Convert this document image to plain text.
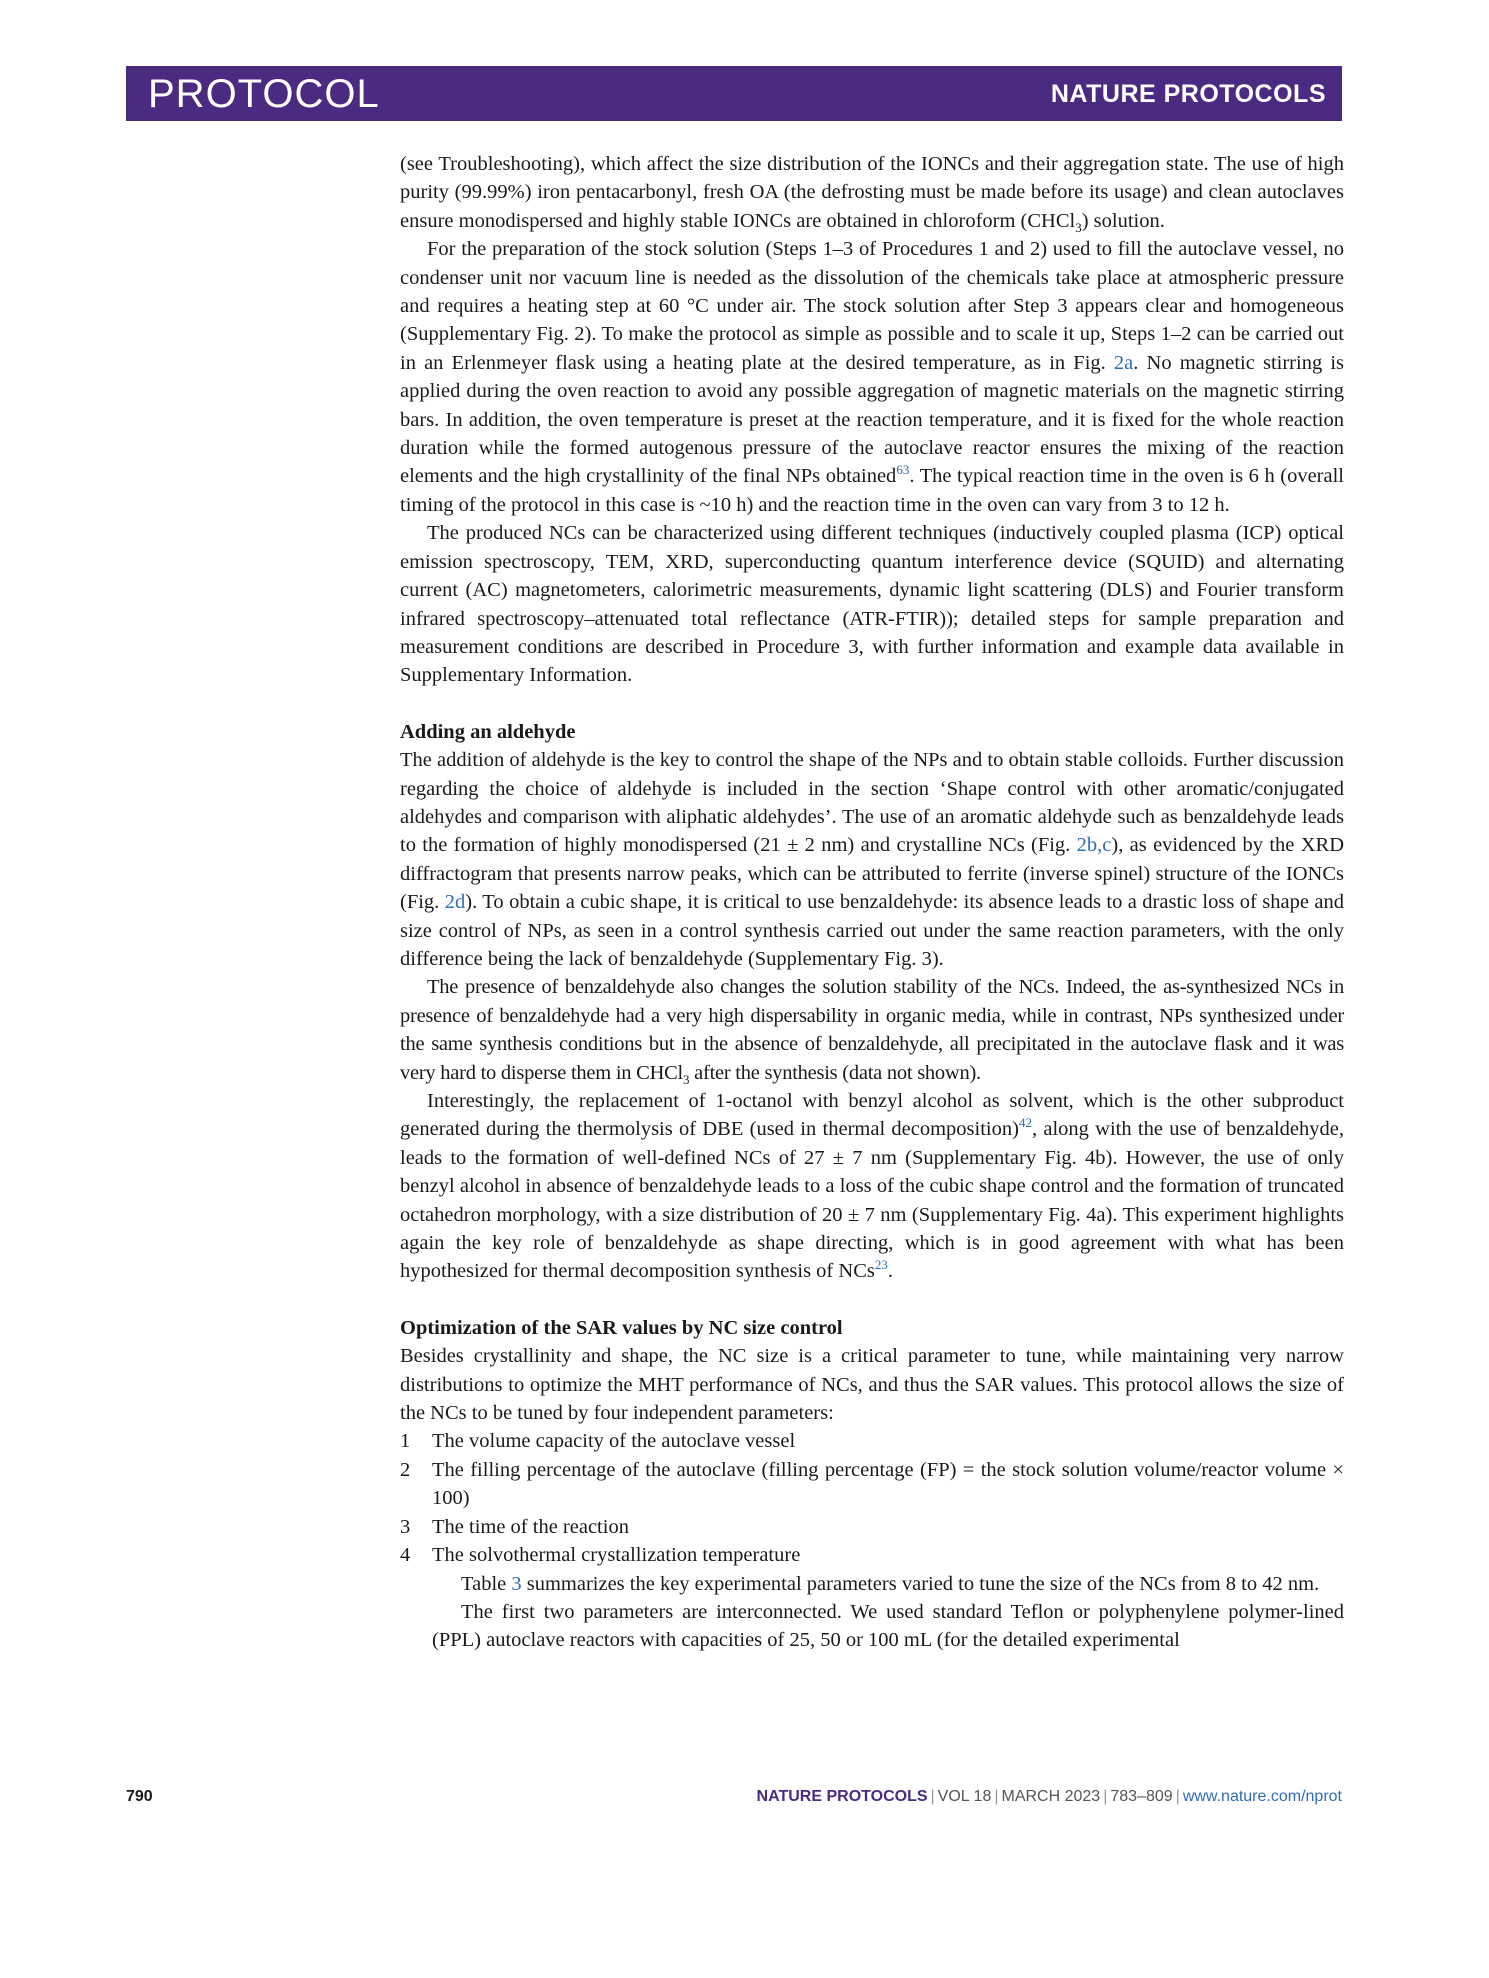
PROTOCOL	NATURE PROTOCOLS

(see Troubleshooting), which affect the size distribution of the IONCs and their aggregation state. The use of high purity (99.99%) iron pentacarbonyl, fresh OA (the defrosting must be made before its usage) and clean autoclaves ensure monodispersed and highly stable IONCs are obtained in chloroform (CHCl$_3$) solution.

For the preparation of the stock solution (Steps 1–3 of Procedures 1 and 2) used to fill the autoclave vessel, no condenser unit nor vacuum line is needed as the dissolution of the chemicals take place at atmospheric pressure and requires a heating step at 60 °C under air. The stock solution after Step 3 appears clear and homogeneous (Supplementary Fig. 2). To make the protocol as simple as possible and to scale it up, Steps 1–2 can be carried out in an Erlenmeyer flask using a heating plate at the desired temperature, as in Fig. 2a. No magnetic stirring is applied during the oven reaction to avoid any possible aggregation of magnetic materials on the magnetic stirring bars. In addition, the oven temperature is preset at the reaction temperature, and it is fixed for the whole reaction duration while the formed autogenous pressure of the autoclave reactor ensures the mixing of the reaction elements and the high crystallinity of the final NPs obtained$^{63}$. The typical reaction time in the oven is 6 h (overall timing of the protocol in this case is ~10 h) and the reaction time in the oven can vary from 3 to 12 h.

The produced NCs can be characterized using different techniques (inductively coupled plasma (ICP) optical emission spectroscopy, TEM, XRD, superconducting quantum interference device (SQUID) and alternating current (AC) magnetometers, calorimetric measurements, dynamic light scattering (DLS) and Fourier transform infrared spectroscopy–attenuated total reflectance (ATR-FTIR)); detailed steps for sample preparation and measurement conditions are described in Procedure 3, with further information and example data available in Supplementary Information.

Adding an aldehyde

The addition of aldehyde is the key to control the shape of the NPs and to obtain stable colloids. Further discussion regarding the choice of aldehyde is included in the section ‘Shape control with other aromatic/conjugated aldehydes and comparison with aliphatic aldehydes’. The use of an aromatic aldehyde such as benzaldehyde leads to the formation of highly monodispersed (21 ± 2 nm) and crystalline NCs (Fig. 2b,c), as evidenced by the XRD diffractogram that presents narrow peaks, which can be attributed to ferrite (inverse spinel) structure of the IONCs (Fig. 2d). To obtain a cubic shape, it is critical to use benzaldehyde: its absence leads to a drastic loss of shape and size control of NPs, as seen in a control synthesis carried out under the same reaction parameters, with the only difference being the lack of benzaldehyde (Supplementary Fig. 3).

The presence of benzaldehyde also changes the solution stability of the NCs. Indeed, the as-synthesized NCs in presence of benzaldehyde had a very high dispersability in organic media, while in contrast, NPs synthesized under the same synthesis conditions but in the absence of benzaldehyde, all precipitated in the autoclave flask and it was very hard to disperse them in CHCl$_3$ after the synthesis (data not shown).

Interestingly, the replacement of 1-octanol with benzyl alcohol as solvent, which is the other subproduct generated during the thermolysis of DBE (used in thermal decomposition)$^{42}$, along with the use of benzaldehyde, leads to the formation of well-defined NCs of 27 ± 7 nm (Supplementary Fig. 4b). However, the use of only benzyl alcohol in absence of benzaldehyde leads to a loss of the cubic shape control and the formation of truncated octahedron morphology, with a size distribution of 20 ± 7 nm (Supplementary Fig. 4a). This experiment highlights again the key role of benzaldehyde as shape directing, which is in good agreement with what has been hypothesized for thermal decomposition synthesis of NCs$^{23}$.

Optimization of the SAR values by NC size control

Besides crystallinity and shape, the NC size is a critical parameter to tune, while maintaining very narrow distributions to optimize the MHT performance of NCs, and thus the SAR values. This protocol allows the size of the NCs to be tuned by four independent parameters:

1 The volume capacity of the autoclave vessel
2 The filling percentage of the autoclave (filling percentage (FP) = the stock solution volume/reactor volume × 100)
3 The time of the reaction
4 The solvothermal crystallization temperature

Table 3 summarizes the key experimental parameters varied to tune the size of the NCs from 8 to 42 nm.

The first two parameters are interconnected. We used standard Teflon or polyphenylene polymer-lined (PPL) autoclave reactors with capacities of 25, 50 or 100 mL (for the detailed experimental

790	NATURE PROTOCOLS | VOL 18 | MARCH 2023 | 783–809 | www.nature.com/nprot
